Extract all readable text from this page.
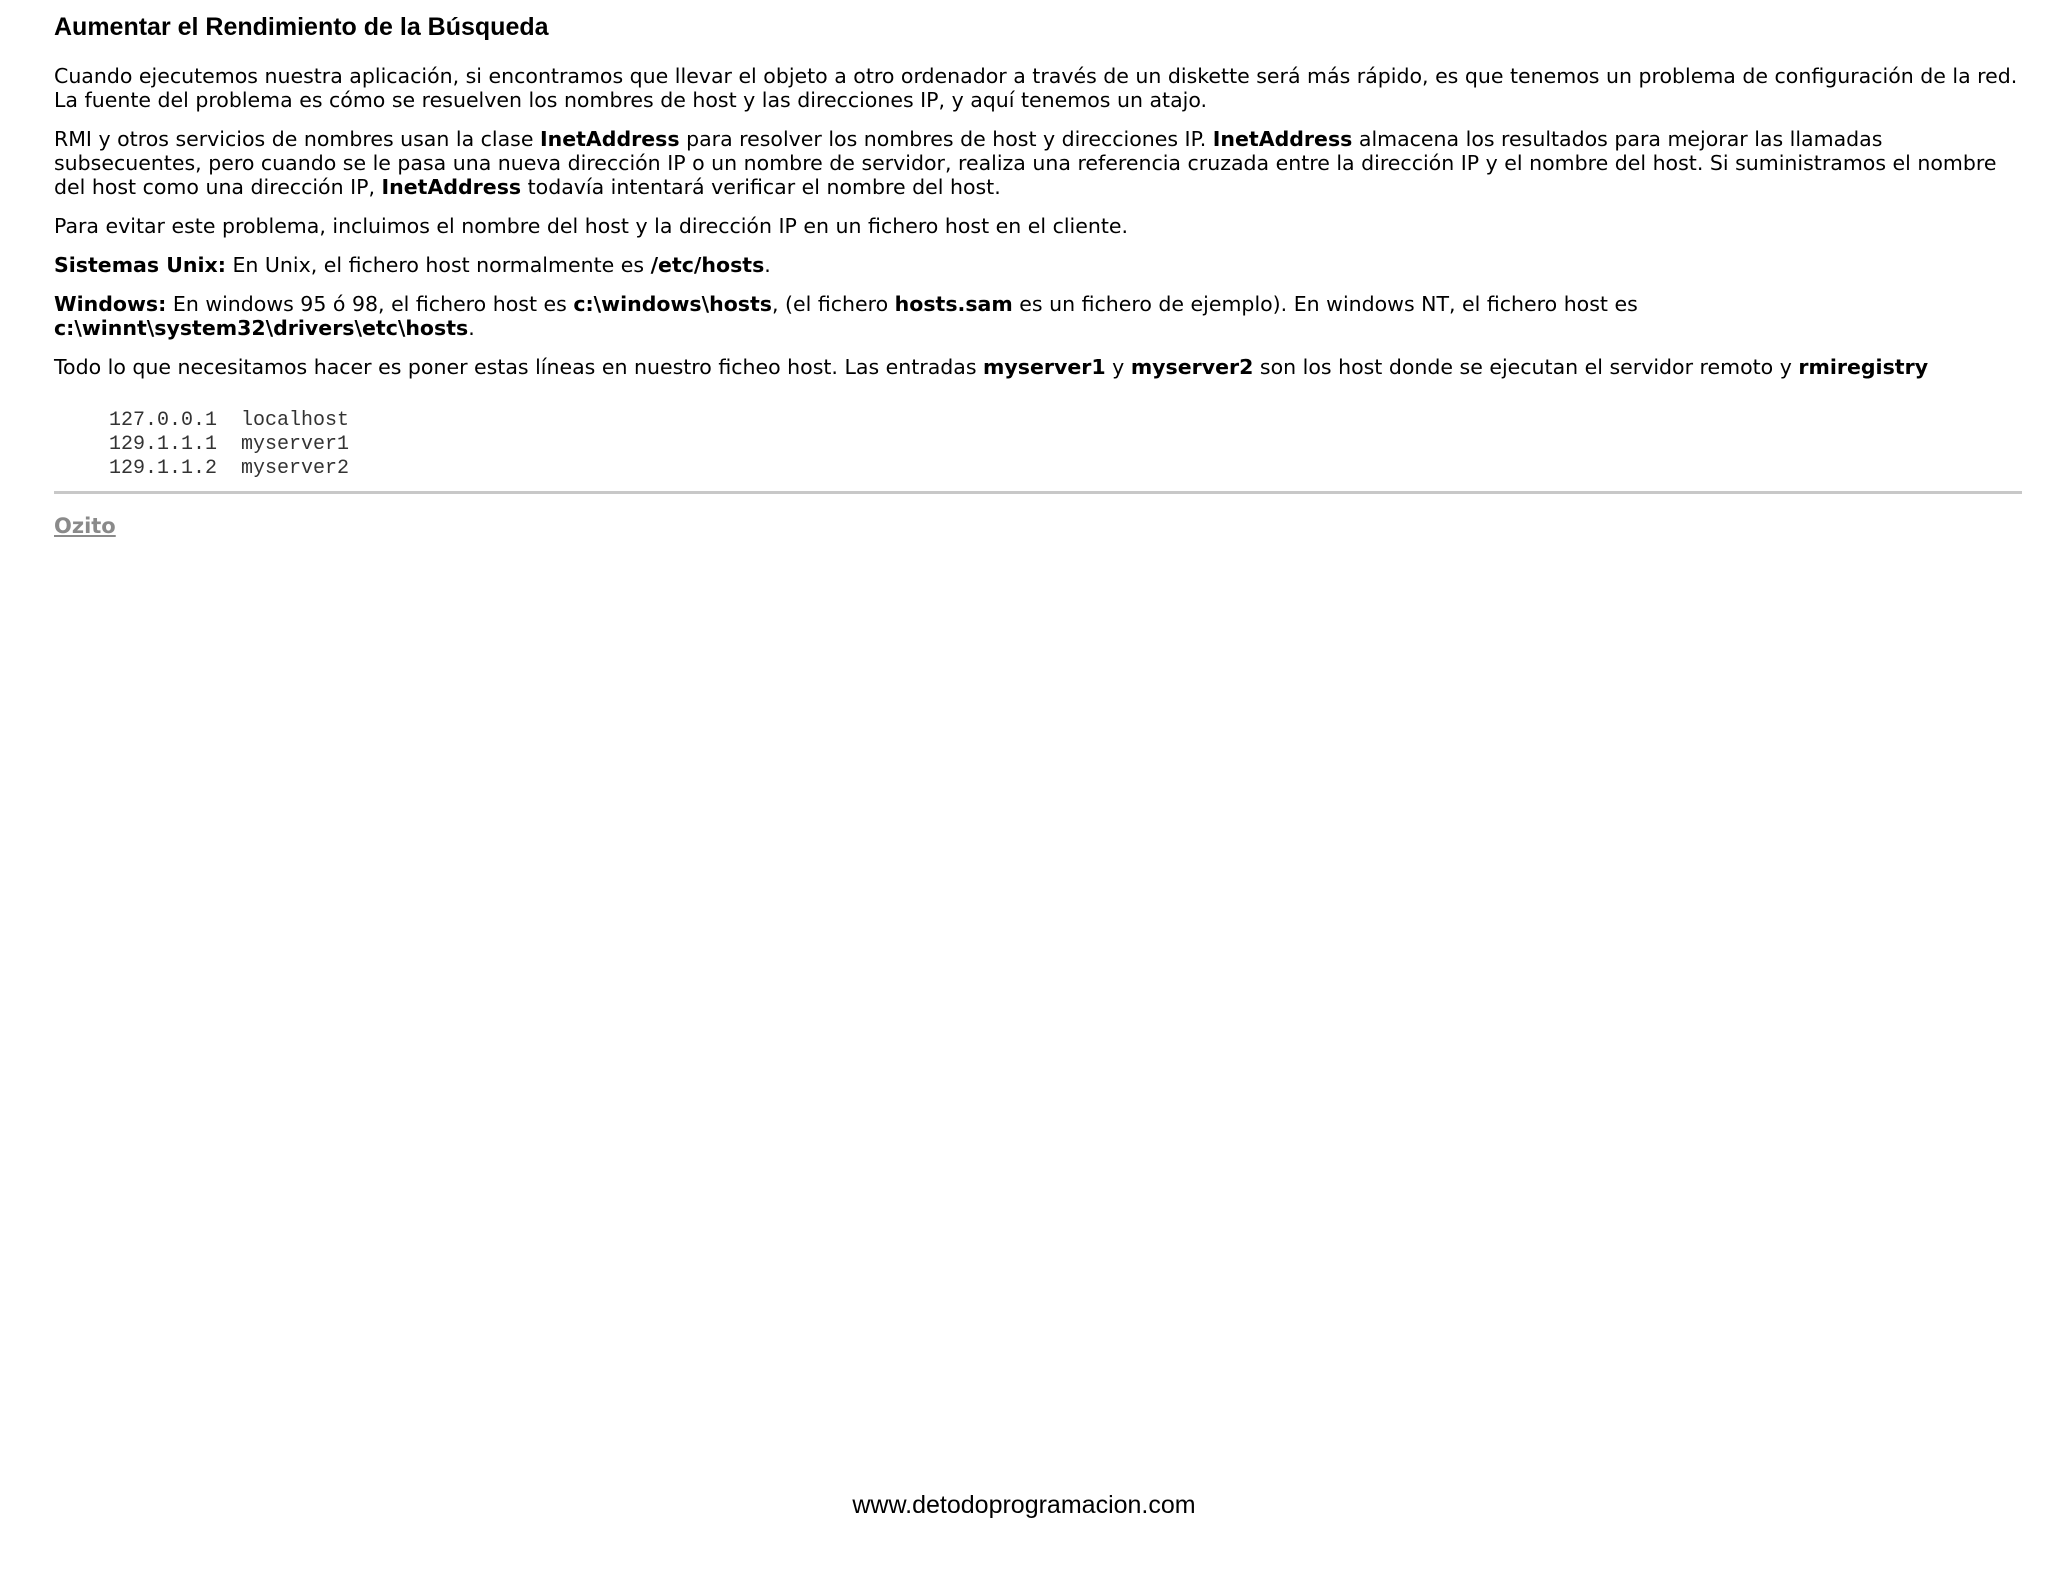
Aumentar el Rendimiento de la Búsqueda

Cuando ejecutemos nuestra aplicación, si encontramos que llevar el objeto a otro ordenador a través de un diskette será más rápido, es que tenemos un problema de configuración de la red. La fuente del problema es cómo se resuelven los nombres de host y las direcciones IP, y aquí tenemos un atajo.

RMI y otros servicios de nombres usan la clase InetAddress para resolver los nombres de host y direcciones IP. InetAddress almacena los resultados para mejorar las llamadas subsecuentes, pero cuando se le pasa una nueva dirección IP o un nombre de servidor, realiza una referencia cruzada entre la dirección IP y el nombre del host. Si suministramos el nombre del host como una dirección IP, InetAddress todavía intentará verificar el nombre del host.

Para evitar este problema, incluimos el nombre del host y la dirección IP en un fichero host en el cliente.

Sistemas Unix: En Unix, el fichero host normalmente es /etc/hosts.

Windows: En windows 95 ó 98, el fichero host es c:\windows\hosts, (el fichero hosts.sam es un fichero de ejemplo). En windows NT, el fichero host es c:\winnt\system32\drivers\etc\hosts.

Todo lo que necesitamos hacer es poner estas líneas en nuestro ficheo host. Las entradas myserver1 y myserver2 son los host donde se ejecutan el servidor remoto y rmiregistry

127.0.0.1  localhost
129.1.1.1  myserver1
129.1.1.2  myserver2
Ozito
www.detodoprogramacion.com
